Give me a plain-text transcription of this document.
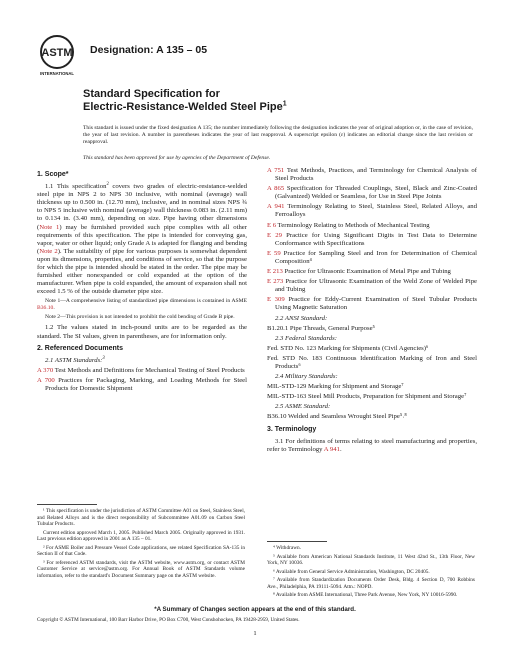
ASTM
INTERNATIONAL
Designation: A 135 – 05
Standard Specification for
Electric-Resistance-Welded Steel Pipe$^1$
This standard is issued under the fixed designation A 135; the number immediately following the designation indicates the year of original adoption or, in the case of revision, the year of last revision. A number in parentheses indicates the year of last reapproval. A superscript epsilon (ε) indicates an editorial change since the last revision or reapproval.
This standard has been approved for use by agencies of the Department of Defense.
1. Scope*

1.1 This specification$^2$ covers two grades of electric-resistance-welded steel pipe in NPS 2 to NPS 30 inclusive, with nominal (average) wall thickness up to 0.500 in. (12.70 mm), inclusive, and in nominal sizes NPS ¾ to NPS 5 inclusive with nominal (average) wall thickness 0.083 in. (2.11 mm) to 0.134 in. (3.40 mm), depending on size. Pipe having other dimensions (Note 1) may be furnished provided such pipe complies with all other requirements of this specification. The pipe is intended for conveying gas, vapor, water or other liquid; only Grade A is adapted for flanging and bending (Note 2). The suitability of pipe for various purposes is somewhat dependent upon its dimensions, properties, and conditions of service, so that the purpose for which the pipe is intended should be stated in the order. The pipe may be furnished either nonexpanded or cold expanded at the option of the manufacturer. When pipe is cold expanded, the amount of expansion shall not exceed 1.5 % of the outside diameter pipe size.

Note 1—A comprehensive listing of standardized pipe dimensions is contained in ASME B36.10.

Note 2—This provision is not intended to prohibit the cold bending of Grade B pipe.

1.2 The values stated in inch-pound units are to be regarded as the standard. The SI values, given in parentheses, are for information only.

2. Referenced Documents

2.1 ASTM Standards:$^3$

A 370 Test Methods and Definitions for Mechanical Testing of Steel Products

A 700 Practices for Packaging, Marking, and Loading Methods for Steel Products for Domestic Shipment

A 751 Test Methods, Practices, and Terminology for Chemical Analysis of Steel Products

A 865 Specification for Threaded Couplings, Steel, Black and Zinc-Coated (Galvanized) Welded or Seamless, for Use in Steel Pipe Joints

A 941 Terminology Relating to Steel, Stainless Steel, Related Alloys, and Ferroalloys

E 6 Terminology Relating to Methods of Mechanical Testing

E 29 Practice for Using Significant Digits in Test Data to Determine Conformance with Specifications

E 59 Practice for Sampling Steel and Iron for Determination of Chemical Composition⁴

E 213 Practice for Ultrasonic Examination of Metal Pipe and Tubing

E 273 Practice for Ultrasonic Examination of the Weld Zone of Welded Pipe and Tubing

E 309 Practice for Eddy-Current Examination of Steel Tubular Products Using Magnetic Saturation

2.2 ANSI Standard:

B1.20.1 Pipe Threads, General Purpose⁵

2.3 Federal Standards:

Fed. STD No. 123 Marking for Shipments (Civil Agencies)⁶

Fed. STD No. 183 Continuous Identification Marking of Iron and Steel Products⁶

2.4 Military Standards:

MIL-STD-129 Marking for Shipment and Storage⁷

MIL-STD-163 Steel Mill Products, Preparation for Shipment and Storage⁷

2.5 ASME Standard:

B36.10 Welded and Seamless Wrought Steel Pipe⁵˒⁸

3. Terminology

3.1 For definitions of terms relating to steel manufacturing and properties, refer to Terminology A 941.

¹ This specification is under the jurisdiction of ASTM Committee A01 on Steel, Stainless Steel, and Related Alloys and is the direct responsibility of Subcommittee A01.09 on Carbon Steel Tubular Products.

Current edition approved March 1, 2005. Published March 2005. Originally approved in 1931. Last previous edition approved in 2001 as A 135 – 01.

² For ASME Boiler and Pressure Vessel Code applications, see related Specification SA-135 in Section II of that Code.

³ For referenced ASTM standards, visit the ASTM website, www.astm.org, or contact ASTM Customer Service at service@astm.org. For Annual Book of ASTM Standards volume information, refer to the standard's Document Summary page on the ASTM website.

⁴ Withdrawn.

⁵ Available from American National Standards Institute, 11 West 42nd St., 13th Floor, New York, NY 10036.

⁶ Available from General Service Administration, Washington, DC 20405.

⁷ Available from Standardization Documents Order Desk, Bldg. 4 Section D, 700 Robbins Ave., Philadelphia, PA 19111-5094. Attn.: NOPD.

⁸ Available from ASME International, Three Park Avenue, New York, NY 10016-5990.

*A Summary of Changes section appears at the end of this standard.
Copyright © ASTM International, 100 Barr Harbor Drive, PO Box C700, West Conshohocken, PA 19428-2959, United States.
1
